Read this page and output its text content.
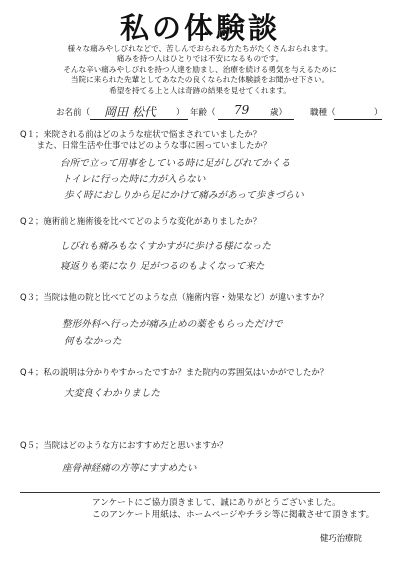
私の体験談
様々な痛みやしびれなどで、苦しんでおられる方たちがたくさんおられます。
痛みを持つ人はひとりでは不安になるものです。
そんな辛い痛みやしびれを持つ人達を励まし、治療を続ける勇気を与えるために
当院に来られた先輩としてあなたの良くなられた体験談をお聞かせ下さい。
希望を持てる上と人は奇跡の結果を見せてくれます。
お名前（ 岡田 松代 ） 年齢（ 79 歳）	職種（	）
Q１；来院される前はどのような症状で悩まされていましたか？
　　また、日常生活や仕事ではどのような事に困っていましたか？
台所で立って用事をしている時に足がしびれてかくる
トイレに行った時に力が入らない
歩く時におしりから足にかけて痛みがあって歩きづらい
Q２；施術前と施術後を比べてどのような変化がありましたか？
しびれも痛みもなくすかすがに歩ける様になった
寝返りも楽になり 足がつるのもよくなって来た
Q３；当院は他の院と比べてどのような点（施術内容・効果など）が違いますか？
整形外科へ行ったが痛み止めの薬をもらっただけで
何もなかった
Q４；私の説明は分かりやすかったですか？また院内の雰囲気はいかがでしたか？
大変良くわかりました
Q５；当院はどのような方におすすめだと思いますか？
座骨神経痛の方等にすすめたい
アンケートにご協力頂きまして、誠にありがとうございました。
このアンケート用紙は、ホームページやチラシ等に掲載させて頂きます。
健巧治療院
